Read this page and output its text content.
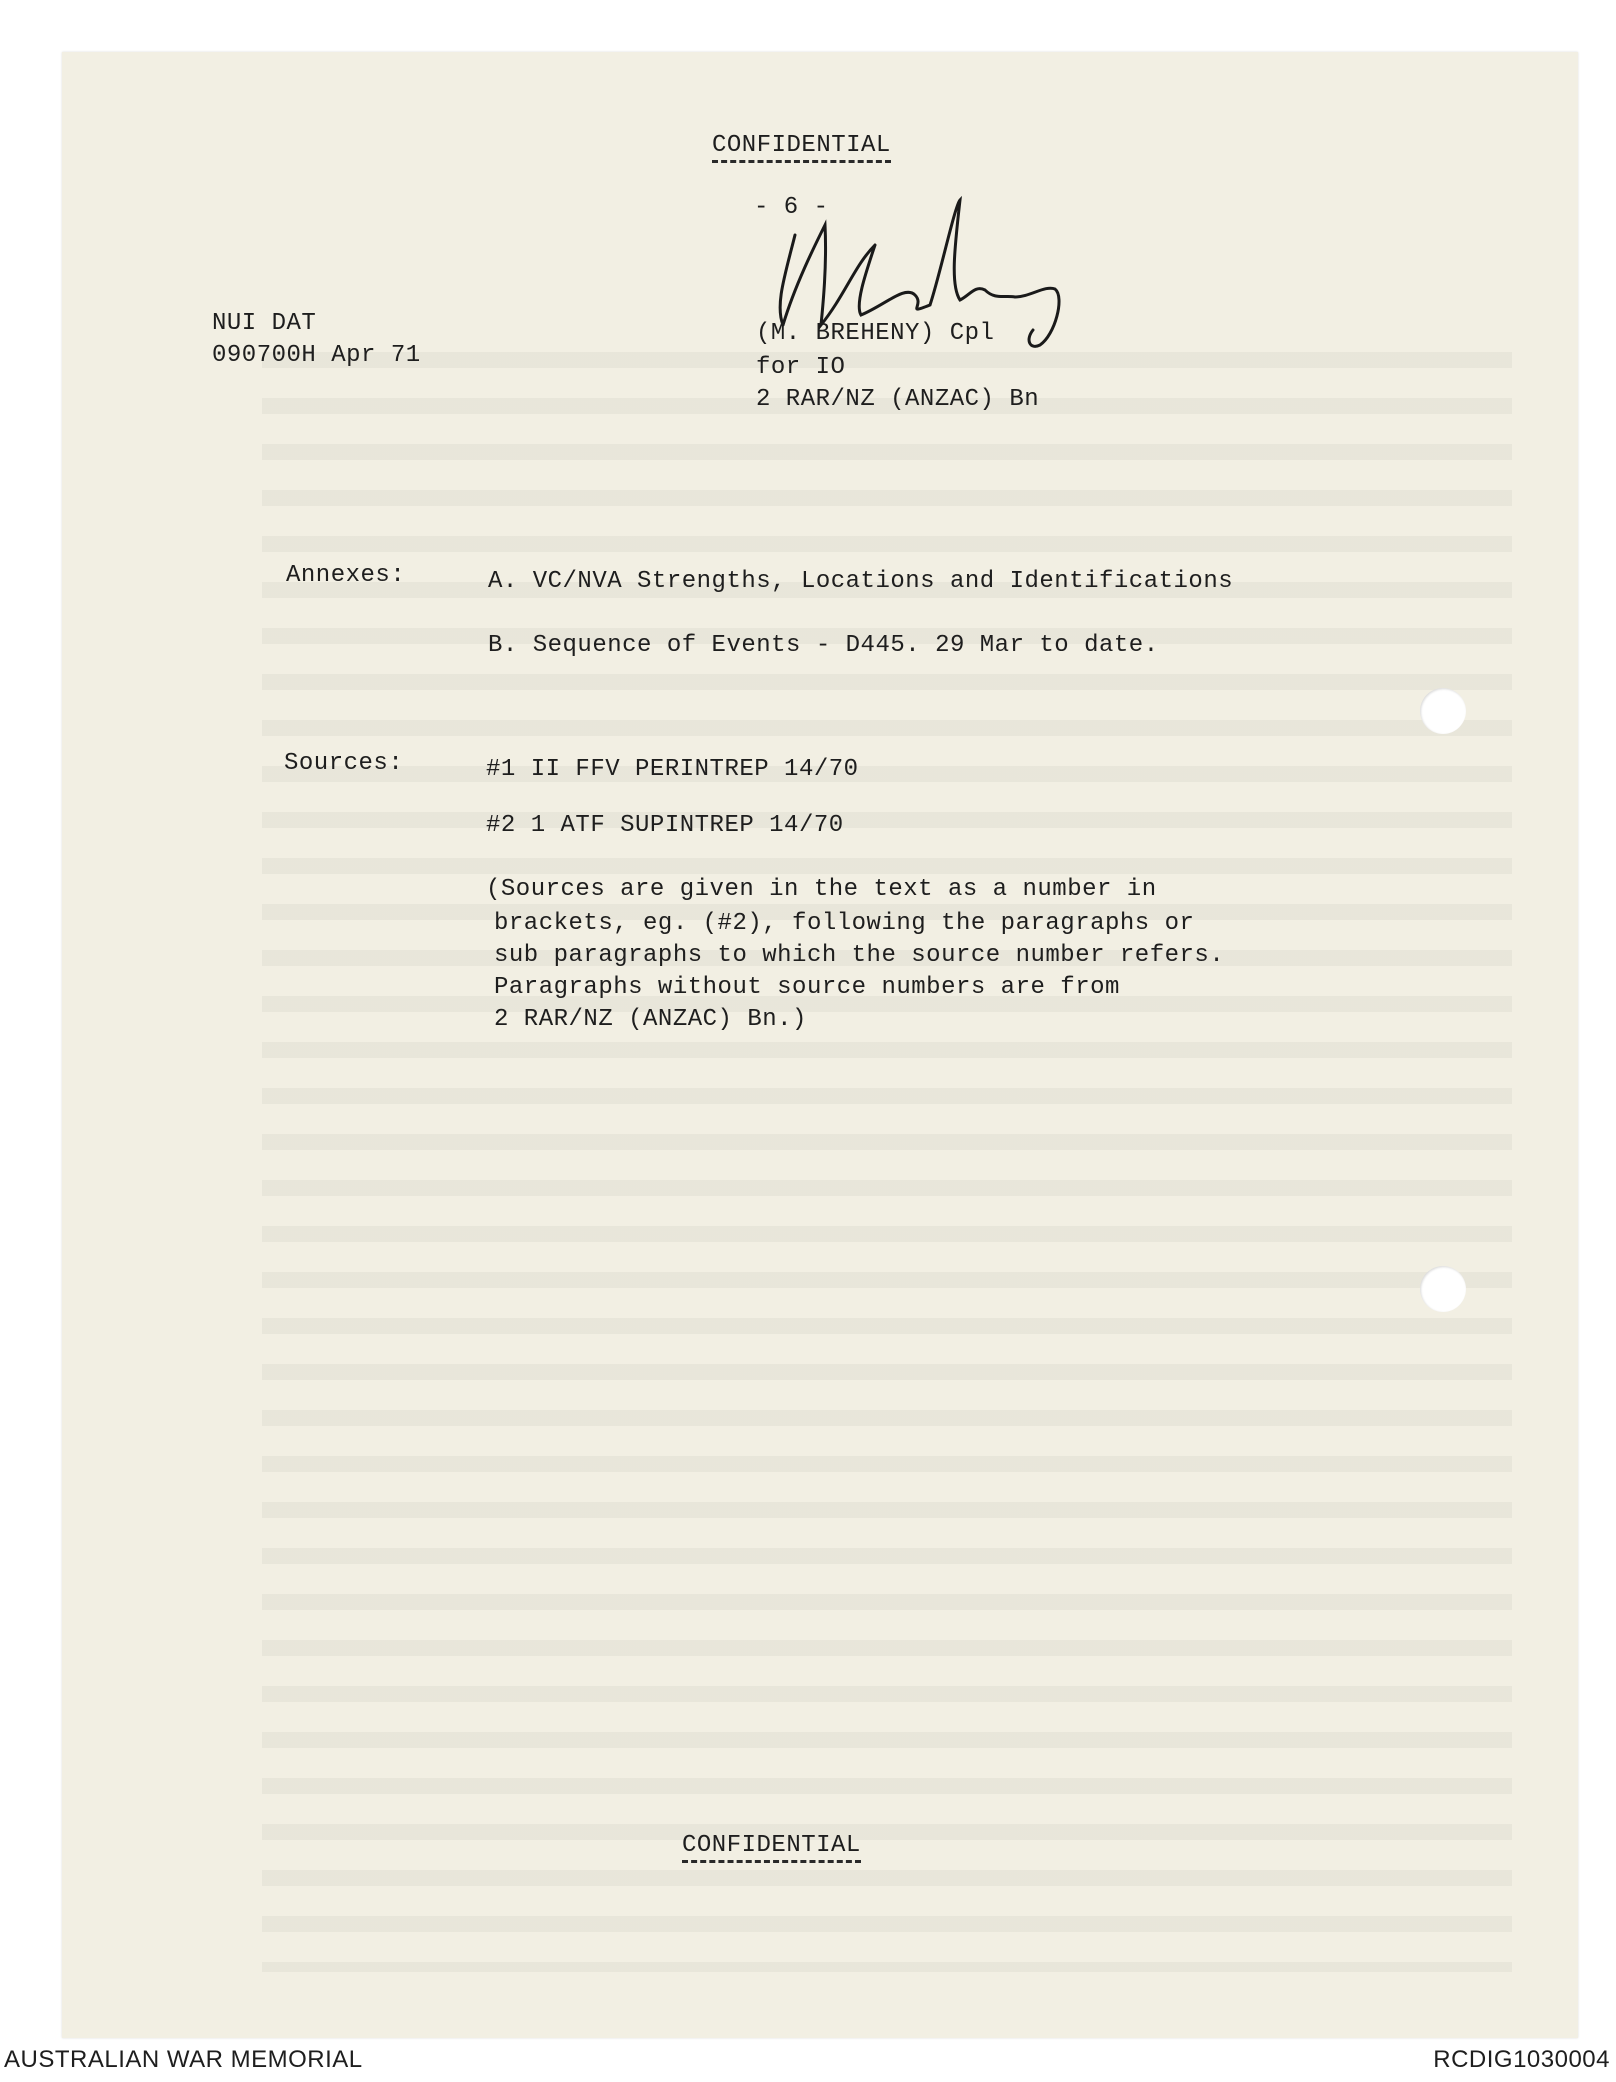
CONFIDENTIAL
- 6 -
NUI DAT
090700H Apr 71
(M. BREHENY) Cpl
for IO
2 RAR/NZ (ANZAC) Bn
Annexes:	A. VC/NVA Strengths, Locations and Identifications
B. Sequence of Events - D445. 29 Mar to date.
Sources:	#1 II FFV PERINTREP 14/70
#2 1 ATF SUPINTREP 14/70
(Sources are given in the text as a number in
brackets, eg. (#2), following the paragraphs or
sub paragraphs to which the source number refers.
Paragraphs without source numbers are from
2 RAR/NZ (ANZAC) Bn.)
CONFIDENTIAL
AUSTRALIAN WAR MEMORIAL	RCDIG1030004
